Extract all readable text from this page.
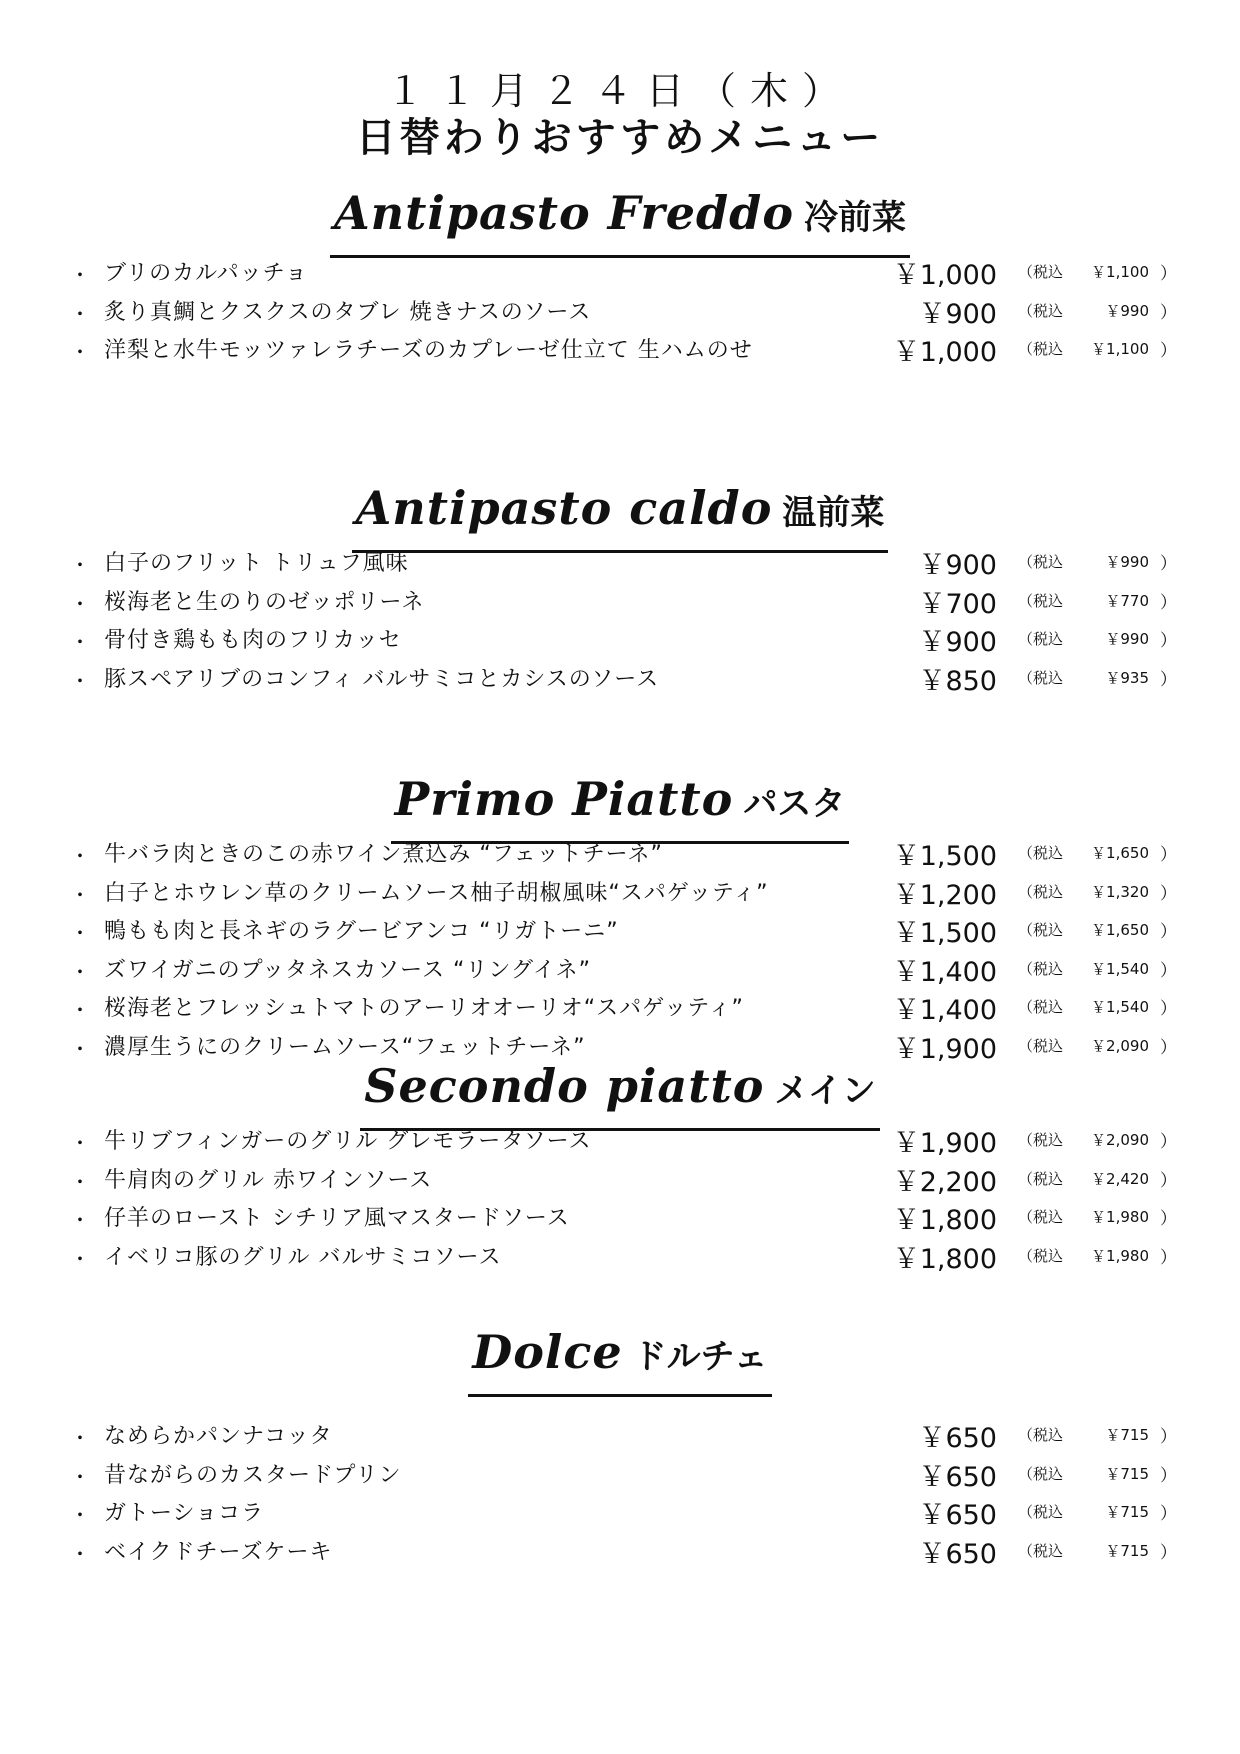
１１月２４日（木）
日替わりおすすめメニュー
Antipasto Freddo 冷前菜
・ ブリのカルパッチョ	￥1,000 （税込 ￥1,100 ）
・ 炙り真鯛とクスクスのタブレ 焼きナスのソース	￥900 （税込	￥990 ）
・ 洋梨と水牛モッツァレラチーズのカプレーゼ仕立て 生ハムのせ	￥1,000 （税込 ￥1,100 ）
Antipasto caldo 温前菜
・ 白子のフリット トリュフ風味	￥900 （税込	￥990 ）
・ 桜海老と生のりのゼッポリーネ	￥700 （税込	￥770 ）
・ 骨付き鶏もも肉のフリカッセ	￥900 （税込	￥990 ）
・ 豚スペアリブのコンフィ バルサミコとカシスのソース	￥850 （税込	￥935 ）
Primo Piatto パスタ
・ 牛バラ肉ときのこの赤ワイン煮込み “フェットチーネ”	￥1,500 （税込 ￥1,650 ）
・ 白子とホウレン草のクリームソース柚子胡椒風味“スパゲッティ”	￥1,200 （税込 ￥1,320 ）
・ 鴨もも肉と長ネギのラグービアンコ “リガトーニ”	￥1,500 （税込 ￥1,650 ）
・ ズワイガニのプッタネスカソース “リングイネ”	￥1,400 （税込 ￥1,540 ）
・ 桜海老とフレッシュトマトのアーリオオーリオ“スパゲッティ”	￥1,400 （税込 ￥1,540 ）
・ 濃厚生うにのクリームソース“フェットチーネ”	￥1,900 （税込 ￥2,090 ）
Secondo piatto メイン
・ 牛リブフィンガーのグリル グレモラータソース	￥1,900 （税込 ￥2,090 ）
・ 牛肩肉のグリル 赤ワインソース	￥2,200 （税込 ￥2,420 ）
・ 仔羊のロースト シチリア風マスタードソース	￥1,800 （税込 ￥1,980 ）
・ イベリコ豚のグリル バルサミコソース	￥1,800 （税込 ￥1,980 ）
Dolce ドルチェ
・ なめらかパンナコッタ	￥650 （税込	￥715 ）
・ 昔ながらのカスタードプリン	￥650 （税込	￥715 ）
・ ガトーショコラ	￥650 （税込	￥715 ）
・ ベイクドチーズケーキ	￥650 （税込	￥715 ）
